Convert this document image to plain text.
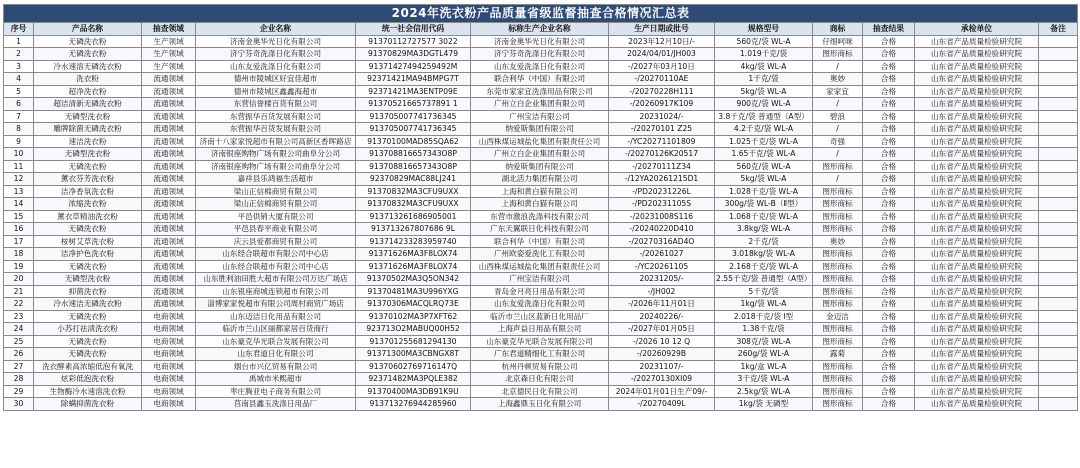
2024年洗衣粉产品质量省级监督抽查合格情况汇总表											
序号	产品名称	抽查领域	企业名称	统一社会信用代码	标称生产企业名称	生产日期或批号	规格型号	商标	抽查结果	承检单位	备注
1	无磷洗衣粉	生产领域	济南金奥华光日化有限公司	91370112727577 3022	济南金奥华光日化有限公司	2023年12月10日/-	560克/袋 WL-A	仔细呵咪	合格	山东省产品质量检验研究院	
2	无磷洗衣粉	生产领域	济宁芬奇洗涤日化有限公司	91370829MA3DGTL479	济宁芬奇洗涤日化有限公司	2024/04/01/JH003	1.019千克/袋	图形商标	合格	山东省产品质量检验研究院	
3	冷水速溶无磷洗衣粉	生产领域	山东友爱洗涤日化有限公司	91371427494259492M	山东友爱洗涤日化有限公司	-/2027年03月10日	4kg/袋 WL-A	/	合格	山东省产品质量检验研究院	
4	洗衣粉	流通领域	德州市陵城区好宜佳超市	92371421MA94BMPG7T	联合利华（中国）有限公司	-/20270110AE	1千克/袋	奥妙	合格	山东省产品质量检验研究院	
5	超净洗衣粉	流通领域	德州市陵城区鑫鑫海超市	92371421MA3ENTP09E	东莞市家家宜洗涤用品有限公司	-/20270228H111	5kg/袋 WL-A	家家宜	合格	山东省产品质量检验研究院	
6	超洁清新无磷洗衣粉	流通领域	东营信誉楼百货有限公司	91370521665737891 1	广州立白企业集团有限公司	-/20260917K109	900克/袋 WL-A	/	合格	山东省产品质量检验研究院	
7	无磷型洗衣粉	流通领域	东营振华百货发展有限公司	913705007741736345	广州宝洁有限公司	20231024/-	3.8千克/袋 普通型（A型）	碧浪	合格	山东省产品质量检验研究院	
8	雕牌除菌无磷洗衣粉	流通领域	东营振华百货发展有限公司	913705007741736345	纳爱斯集团有限公司	-/20270101 Z25	4.2千克/袋 WL-A	/	合格	山东省产品质量检验研究院	
9	速洁洗衣粉	流通领域	济南十八家家悦超市有限公司高新区香晖路店	91370100MAD85SQA62	山西株煤运城盐化集团有限责任公司	-/YC20271101809	1.025千克/袋 WL-A	奇强	合格	山东省产品质量检验研究院	
10	无磷型洗衣粉	流通领域	济南银座购物广场有限公司曲阜分公司	913708816657343O8P	广州立白企业集团有限公司	-/20270126K20517	1.65千克/袋 WL-A	/	合格	山东省产品质量检验研究院	
11	无磷洗衣粉	流通领域	济南银座购物广场有限公司曲阜分公司	913708816657343O8P	纳爱斯集团有限公司	-/20270111Z34	560克/袋 WL-A	图形商标	合格	山东省产品质量检验研究院	
12	薰衣芬芳洗衣粉	流通领域	嘉祥县乐鸿福生活超市	92370829MAC88LJ241	湖北活力集团有限公司	-/12YA20261215D1	5kg/袋 WL-A	/	合格	山东省产品质量检验研究院	
13	洁净香氛洗衣粉	流通领域	梁山正信棉商贸有限公司	91370832MA3CFU9UXX	上海和黄白猫有限公司	-/PD20231226L	1.028千克/袋 WL-A	图形商标	合格	山东省产品质量检验研究院	
14	浓缩洗衣粉	流通领域	梁山正信棉商贸有限公司	91370832MA3CFU9UXX	上海和黄白猫有限公司	-/PD20231105S	300g/袋 WL-B（Ⅱ型）	图形商标	合格	山东省产品质量检验研究院	
15	薰衣草精油洗衣粉	流通领域	平邑供销大厦有限公司	913713261686905001	东营市激浪洗涤科技有限公司	-/20231008S116	1.068千克/袋 WL-A	图形商标	合格	山东省产品质量检验研究院	
16	无磷洗衣粉	流通领域	平邑县春平商业有限公司	913713267807686 9L	广东天翼联日化科技有限公司	-/20240220D410	3.8kg/袋 WL-A	图形商标	合格	山东省产品质量检验研究院	
17	桉树艾草洗衣粉	流通领域	庆云县爱都商贸有限公司	913714233283959740	联合利华（中国）有限公司	-/20270316AD4O	2千克/袋	奥妙	合格	山东省产品质量检验研究院	
18	洁净护色洗衣粉	流通领域	山东经合联超市有限公司中心店	91371626MA3F8LOX74	广州欧姿爱洗化工有限公司	-/20261027	3.018kg/袋 WL-A	图形商标	合格	山东省产品质量检验研究院	
19	无磷洗衣粉	流通领域	山东经合联超市有限公司中心店	91371626MA3F8LOX74	山西株煤运城盐化集团有限责任公司	-/YC20261105	2.168千克/袋 WL-A	图形商标	合格	山东省产品质量检验研究院	
20	无磷型洗衣粉	流通领域	山东胜利油田胜大超市有限公司万达广场店	91370502MA3Q5ON342	广州宝洁有限公司	20231205/-	2.55千克/袋 普通型（A型）	图形商标	合格	山东省产品质量检验研究院	
21	抑菌洗衣粉	流通领域	山东银座商城连锁超市有限公司	91370481MA3U996YXG	青岛金月亮日用品有限公司	-/JH002	5千克/袋	图形商标	合格	山东省产品质量检验研究院	
22	冷水速洁无磷洗衣粉	流通领域	淄博家家悦超市有限公司周村商贸广场店	91370306MACQLRQ73E	山东友爱洗涤日化有限公司	-/2026年11月01日	1kg/袋 WL-A	图形商标	合格	山东省产品质量检验研究院	
23	无磷洗衣粉	电商领域	山东迈洁日化用品有限公司	91370102MA3P7XFT62	临沂市兰山区蓝新日化用品厂	20240226/-	2.018千克/袋 Ⅰ型	金迈洁	合格	山东省产品质量检验研究院	
24	小苏打祛渍洗衣粉	电商领域	临沂市兰山区丽都家居百货商行	923713O2MABUQ00H52	上海声益日用品有限公司	-/2027年01月05日	1.38千克/袋	图形商标	合格	山东省产品质量检验研究院	
25	无磷洗衣粉	电商领域	山东豪克华光联合发展有限公司	913701255681294130	山东豪克华光联合发展有限公司	-/2026 10 12 Q	308克/袋 WL-A	图形商标	合格	山东省产品质量检验研究院	
26	无磷洗衣粉	电商领域	山东君道日化有限公司	91371300MA3CBNGX8T	广东君道精细化工有限公司	-/20260929B	260g/袋 WL-A	露菊	合格	山东省产品质量检验研究院	
27	洗衣酵素高浓缩低泡有氧洗	电商领域	烟台市兴亿贸易有限公司	91370602769716147Q	杭州丹顿贸易有限公司	20231107/-	1kg/盒 WL-A	图形商标	合格	山东省产品质量检验研究院	
28	炫彩低泡洗衣粉	电商领域	禹城市米熙超市	92371482MA3PQLE382	北京森日化有限公司	-/20270130XI09	3千克/袋 WL-A	图形商标	合格	山东省产品质量检验研究院	
29	生物酶冷水速溶洗衣粉	电商领域	枣庄腾亚电子商务有限公司	91370400MA3DB91K9U	北京德民日化有限公司	2024年01月01日生产09/-	2.5kg/袋 WL-A	图形商标	合格	山东省产品质量检验研究院	
30	除螨抑菌洗衣粉	电商领域	莒南县鑫玉洗涤日用品厂	913713276944285960	上海鑫鼎玉日化有限公司	-/20270409L	1kg/袋 无磷型	图形商标	合格	山东省产品质量检验研究院	
